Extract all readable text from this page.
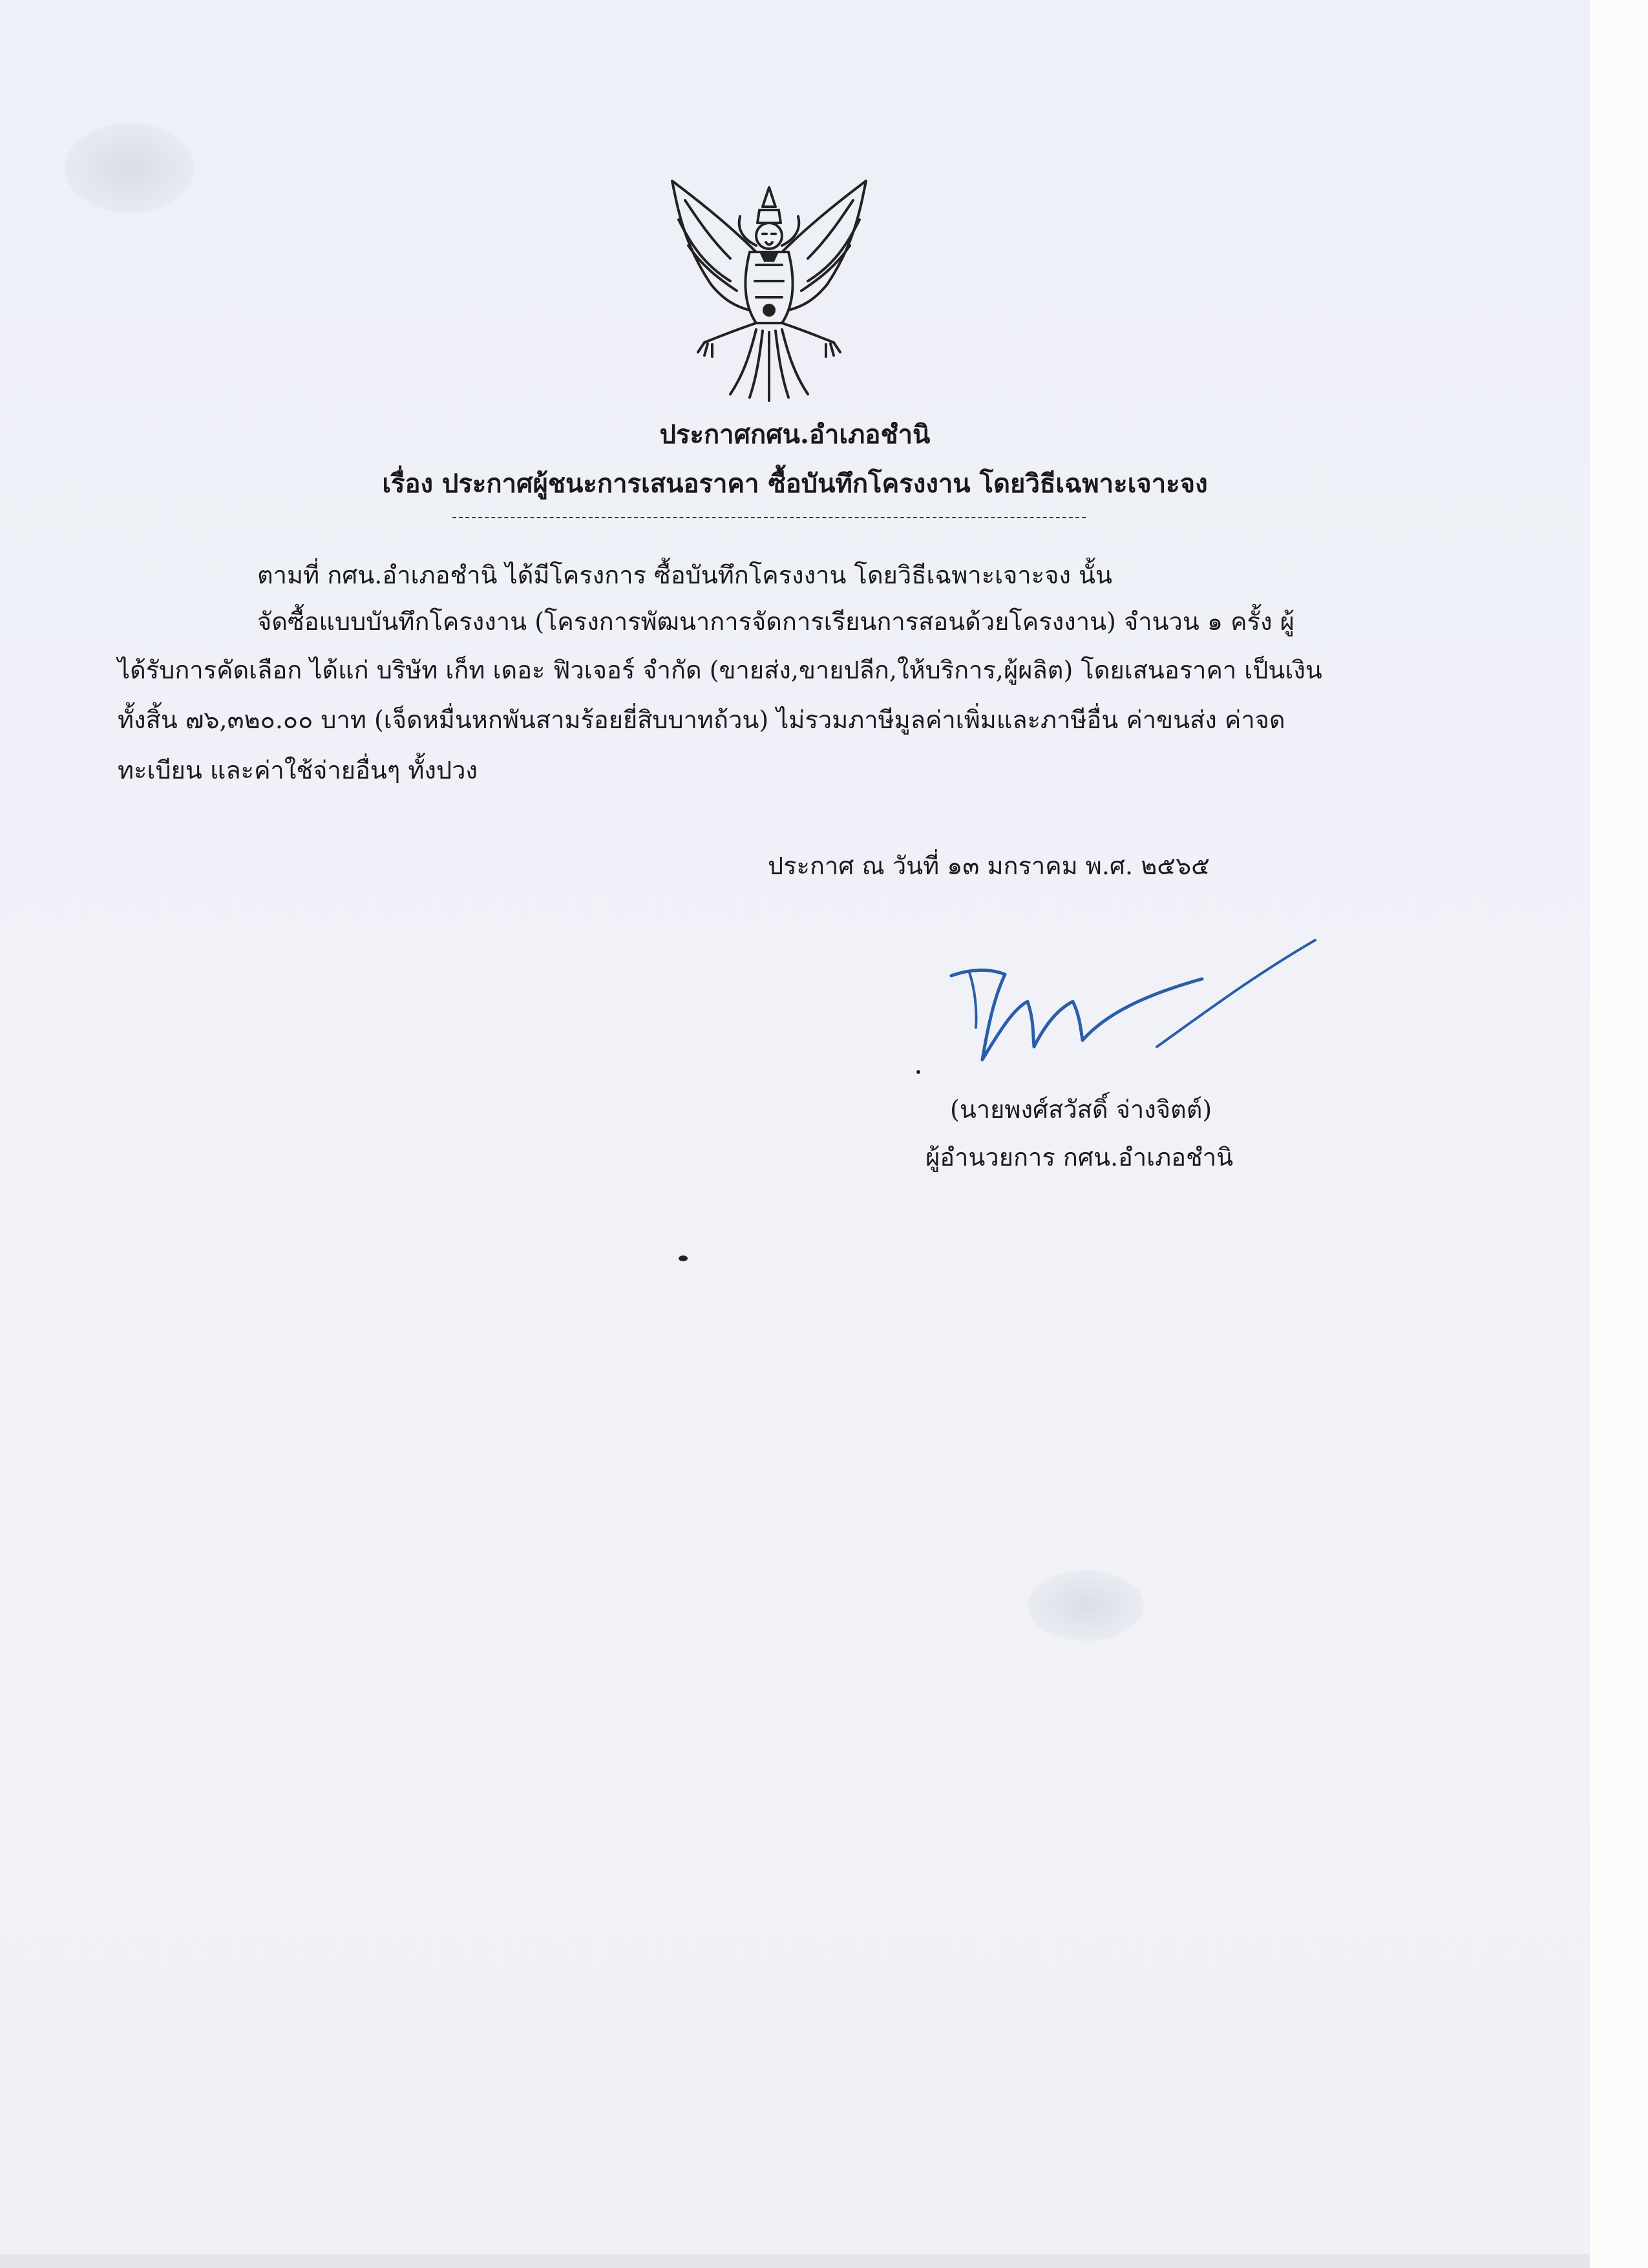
ประกาศกศน.อำเภอชำนิ
เรื่อง ประกาศผู้ชนะการเสนอราคา ซื้อบันทึกโครงงาน โดยวิธีเฉพาะเจาะจง
ตามที่ กศน.อำเภอชำนิ ได้มีโครงการ ซื้อบันทึกโครงงาน โดยวิธีเฉพาะเจาะจง นั้น
จัดซื้อแบบบันทึกโครงงาน (โครงการพัฒนาการจัดการเรียนการสอนด้วยโครงงาน) จำนวน ๑ ครั้ง ผู้
ได้รับการคัดเลือก ได้แก่ บริษัท เก็ท เดอะ ฟิวเจอร์ จำกัด (ขายส่ง,ขายปลีก,ให้บริการ,ผู้ผลิต) โดยเสนอราคา เป็นเงิน
ทั้งสิ้น ๗๖,๓๒๐.๐๐ บาท (เจ็ดหมื่นหกพันสามร้อยยี่สิบบาทถ้วน) ไม่รวมภาษีมูลค่าเพิ่มและภาษีอื่น ค่าขนส่ง ค่าจด
ทะเบียน และค่าใช้จ่ายอื่นๆ ทั้งปวง
ประกาศ ณ วันที่ ๑๓ มกราคม พ.ศ. ๒๕๖๕
(นายพงศ์สวัสดิ์ จ่างจิตต์)
ผู้อำนวยการ กศน.อำเภอชำนิ
